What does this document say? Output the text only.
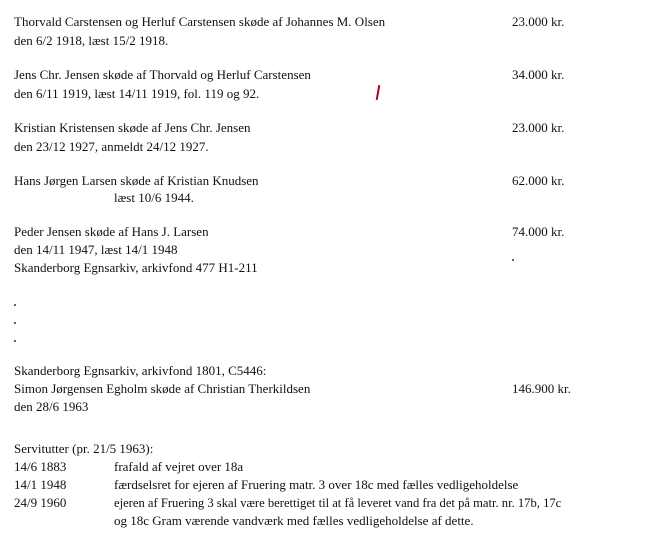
Thorvald Carstensen og Herluf Carstensen skøde af Johannes M. Olsen
den 6/2 1918, læst 15/2 1918.
23.000 kr.
Jens Chr. Jensen skøde af Thorvald og Herluf Carstensen
den 6/11 1919, læst 14/11 1919, fol. 119 og 92.
34.000 kr.
Kristian Kristensen skøde af Jens Chr. Jensen
den 23/12 1927, anmeldt 24/12 1927.
23.000 kr.
Hans Jørgen Larsen skøde af Kristian Knudsen
læst 10/6 1944.
62.000 kr.
Peder Jensen skøde af Hans J. Larsen
den 14/11 1947, læst 14/1 1948
Skanderborg Egnsarkiv, arkivfond 477 H1-211
74.000 kr.
Skanderborg Egnsarkiv, arkivfond 1801, C5446:
Simon Jørgensen Egholm skøde af Christian Therkildsen
den 28/6 1963
146.900 kr.
Servitutter (pr. 21/5 1963):
14/6 1883	frafald af vejret over 18a
14/1 1948	færdselsret for ejeren af Fruering matr. 3 over 18c med fælles vedligeholdelse
24/9 1960	ejeren af Fruering 3 skal være berettiget til at få leveret vand fra det på matr. nr. 17b, 17c
og 18c Gram værende vandværk med fælles vedligeholdelse af dette.
